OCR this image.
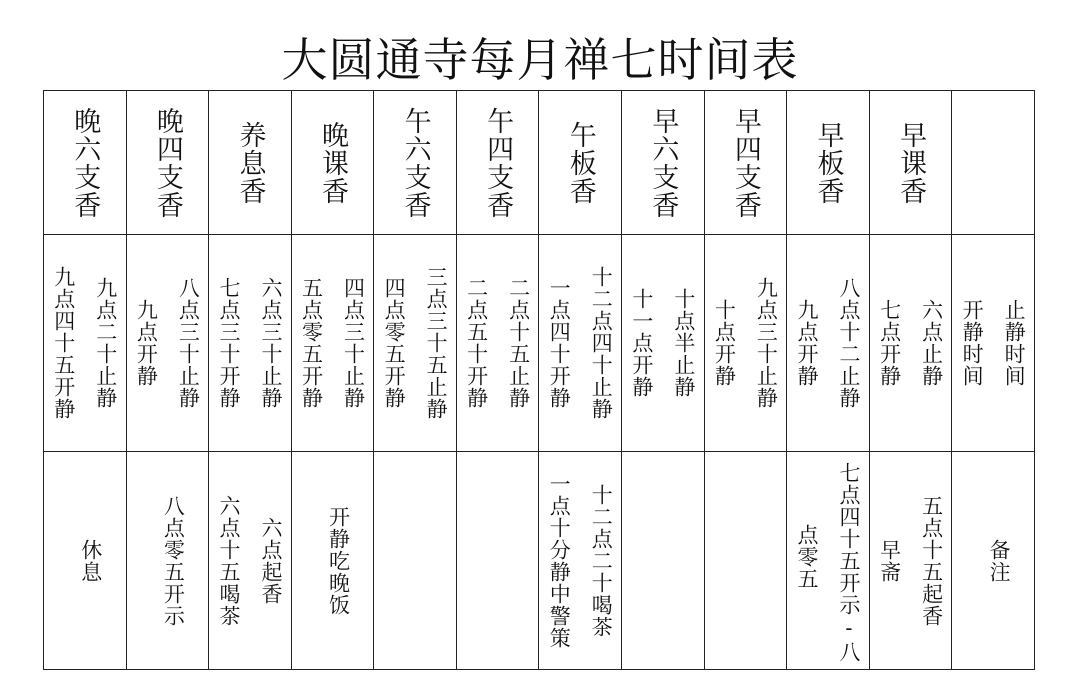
大圆通寺每月禅七时间表
晚六支香	晚四支香	养息香	晚课香	午六支香	午四支香	午板香	早六支香	早四支香	早板香	早课香	

九点四十五开静 九点二十止静	九点开静 八点三十止静	七点三十开静 六点三十止静	五点零五开静 四点三十止静	四点零五开静 三点三十五止静	二点五十开静 二点十五止静	一点四十开静 十二点四十止静	十一点开静 十点半止静	十点开静 九点三十止静	九点开静 八点十二止静	七点开静 六点止静	开静时间 止静时间

休息	八点零五开示	六点十五喝茶 六点起香	开静吃晚饭			一点十分静中警策 十二点二十喝茶			点零五 七点四十五开示-八	早斋 五点十五起香	备注
